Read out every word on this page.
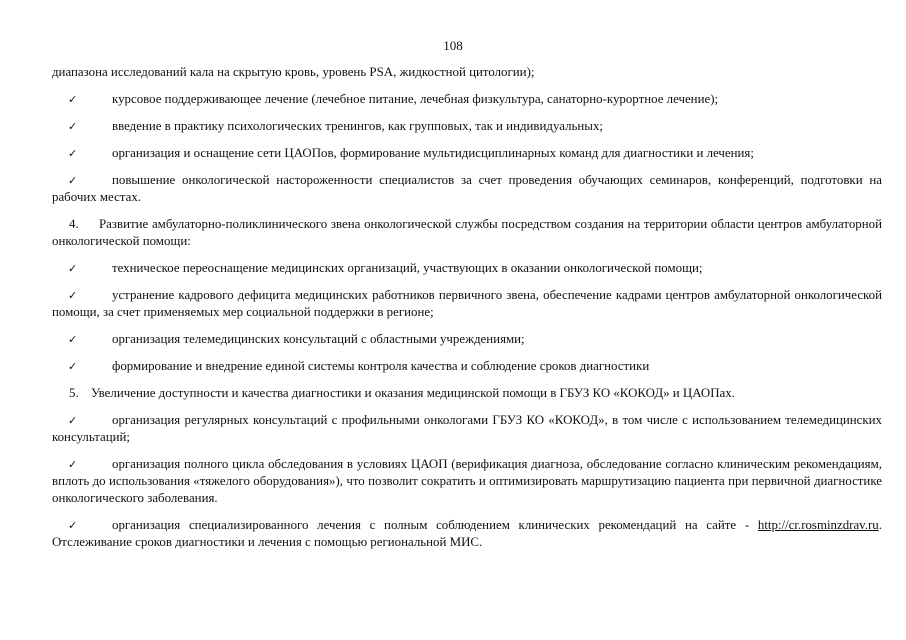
108

диапазона исследований кала на скрытую кровь, уровень PSA, жидкостной цитологии);

✓	курсовое поддерживающее лечение (лечебное питание, лечебная физкультура, санаторно-курортное лечение);

✓	введение в практику психологических тренингов, как групповых, так и индивидуальных;

✓	организация и оснащение сети ЦАОПов, формирование мультидисциплинарных команд для диагностики и лечения;

✓	повышение онкологической настороженности специалистов за счет проведения обучающих семинаров, конференций, подготовки на рабочих местах.

4. Развитие амбулаторно-поликлинического звена онкологической службы посредством создания на территории области центров амбулаторной онкологической помощи:

✓	техническое переоснащение медицинских организаций, участвующих в оказании онкологической помощи;

✓	устранение кадрового дефицита медицинских работников первичного звена, обеспечение кадрами центров амбулаторной онкологической помощи, за счет применяемых мер социальной поддержки в регионе;

✓	организация телемедицинских консультаций с областными учреждениями;

✓	формирование и внедрение единой системы контроля качества и соблюдение сроков диагностики

5. Увеличение доступности и качества диагностики и оказания медицинской помощи в ГБУЗ КО «КОКОД» и ЦАОПах.

✓	организация регулярных консультаций с профильными онкологами ГБУЗ КО «КОКОД», в том числе с использованием телемедицинских консультаций;

✓	организация полного цикла обследования в условиях ЦАОП (верификация диагноза, обследование согласно клиническим рекомендациям, вплоть до использования «тяжелого оборудования»), что позволит сократить и оптимизировать маршрутизацию пациента при первичной диагностике онкологического заболевания.

✓	организация специализированного лечения с полным соблюдением клинических рекомендаций на сайте - http://cr.rosminzdrav.ru. Отслеживание сроков диагностики и лечения с помощью региональной МИС.
